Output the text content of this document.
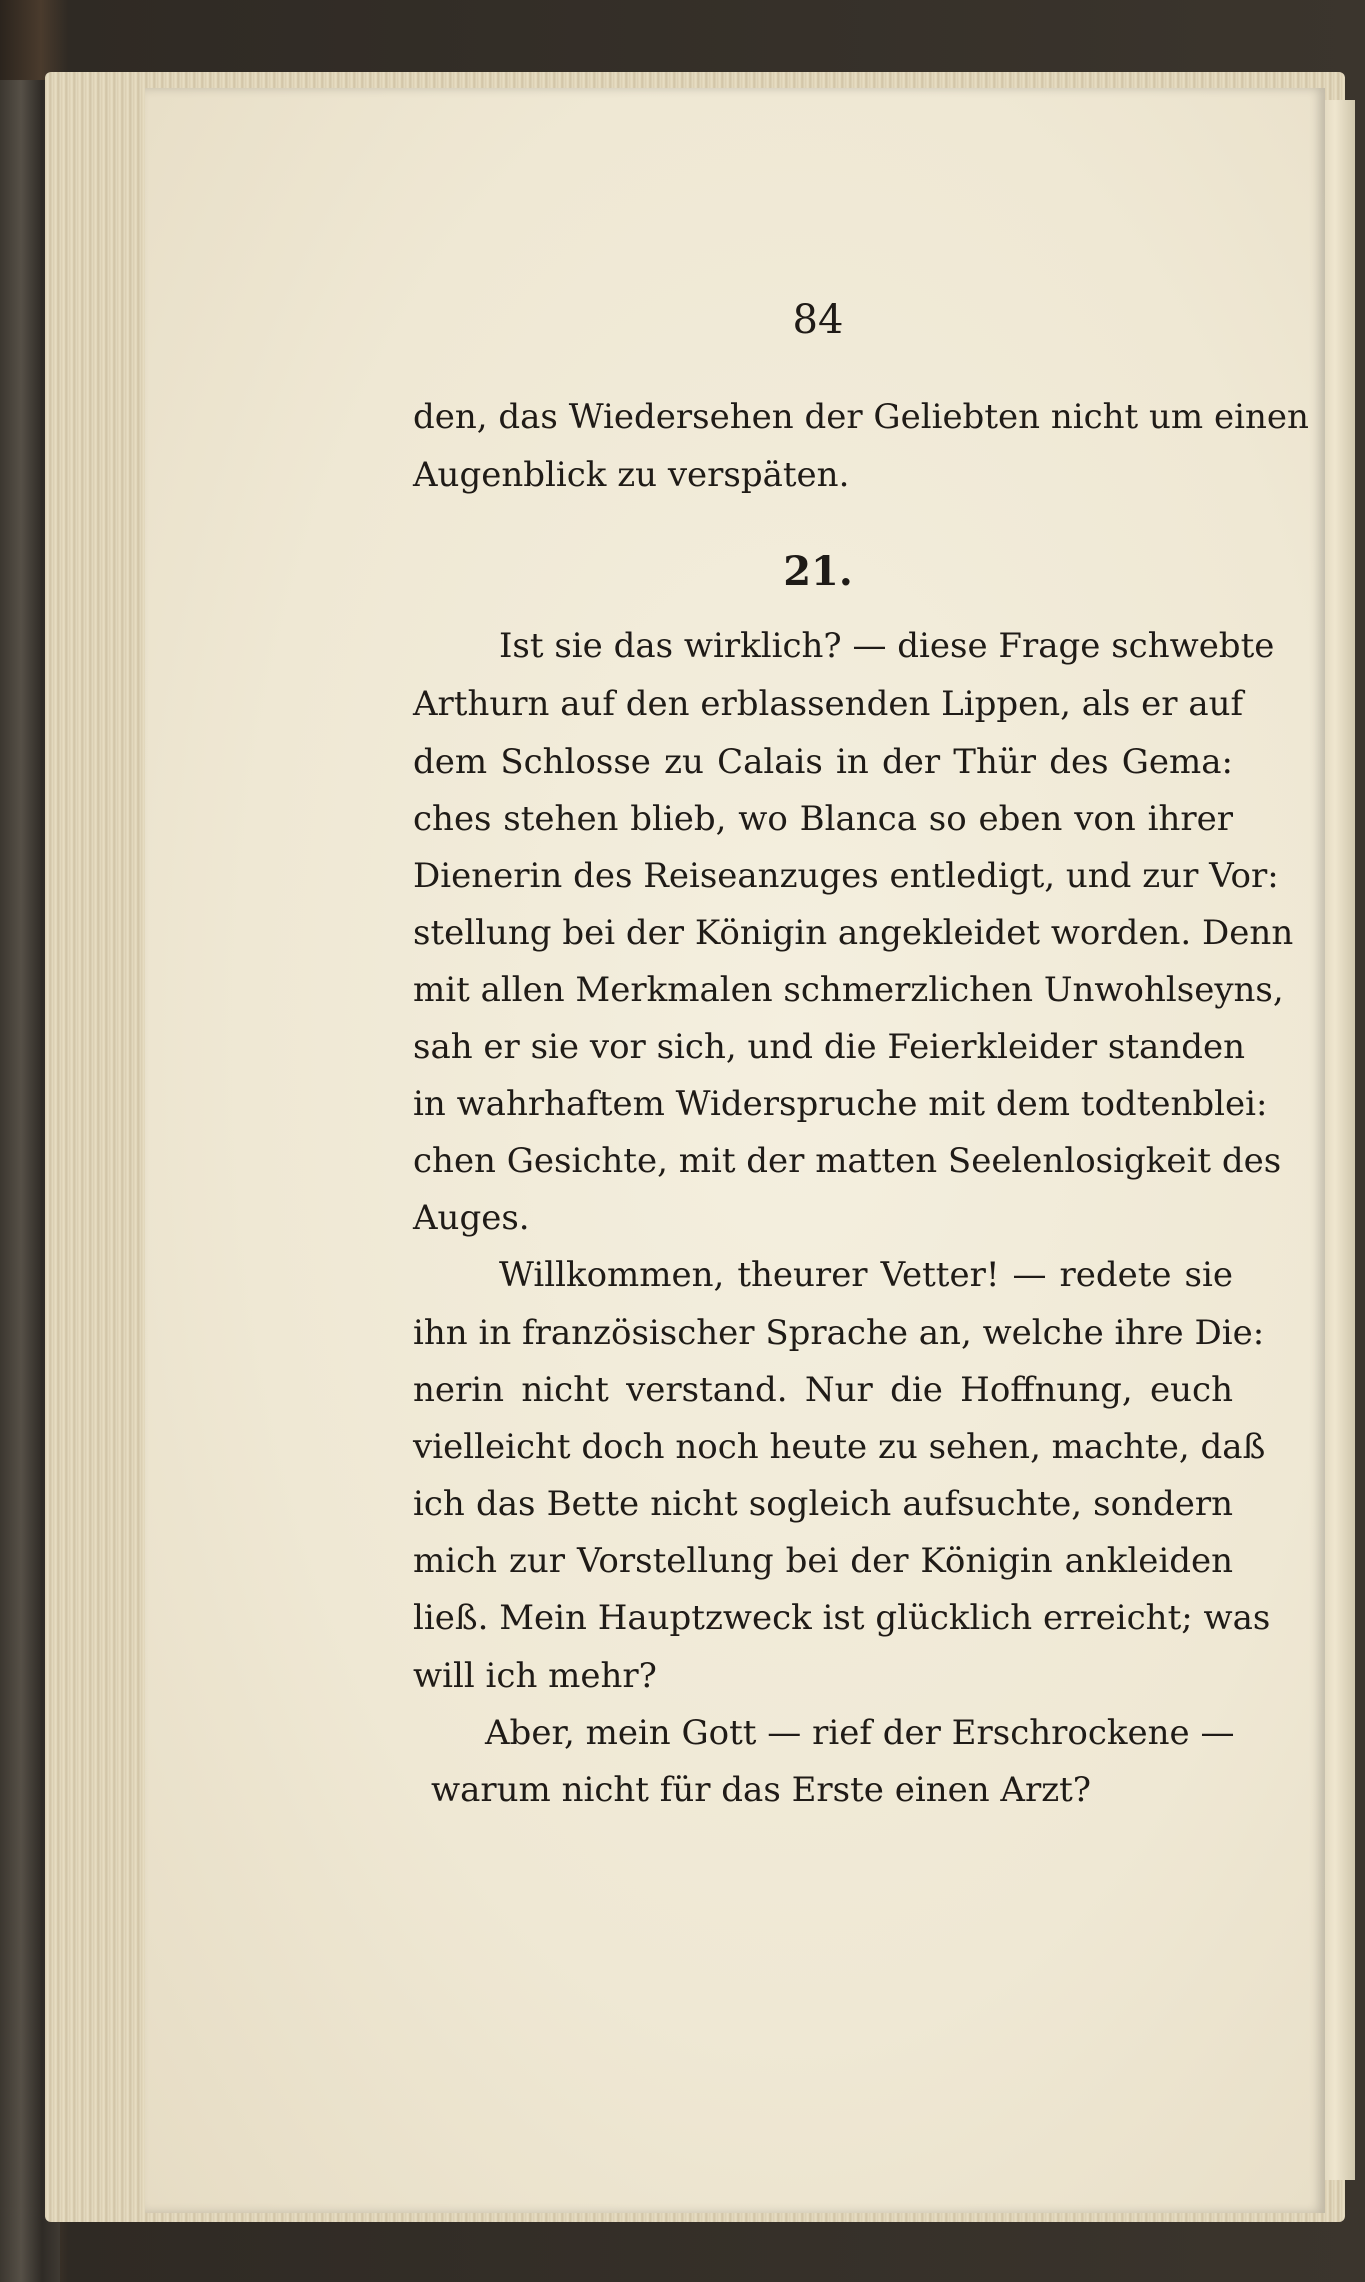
84
den, das Wiedersehen der Geliebten nicht um einen
Augenblick zu verspäten.
21.
Ist sie das wirklich? — diese Frage schwebte
Arthurn auf den erblassenden Lippen, als er auf
dem Schlosse zu Calais in der Thür des Gema:
ches stehen blieb, wo Blanca so eben von ihrer
Dienerin des Reiseanzuges entledigt, und zur Vor:
stellung bei der Königin angekleidet worden. Denn
mit allen Merkmalen schmerzlichen Unwohlseyns,
sah er sie vor sich, und die Feierkleider standen
in wahrhaftem Widerspruche mit dem todtenblei:
chen Gesichte, mit der matten Seelenlosigkeit des
Auges.
Willkommen, theurer Vetter! — redete sie
ihn in französischer Sprache an, welche ihre Die:
nerin nicht verstand. Nur die Hoffnung, euch
vielleicht doch noch heute zu sehen, machte, daß
ich das Bette nicht sogleich aufsuchte, sondern
mich zur Vorstellung bei der Königin ankleiden
ließ. Mein Hauptzweck ist glücklich erreicht; was
will ich mehr?
Aber, mein Gott — rief der Erschrockene —
warum nicht für das Erste einen Arzt?
